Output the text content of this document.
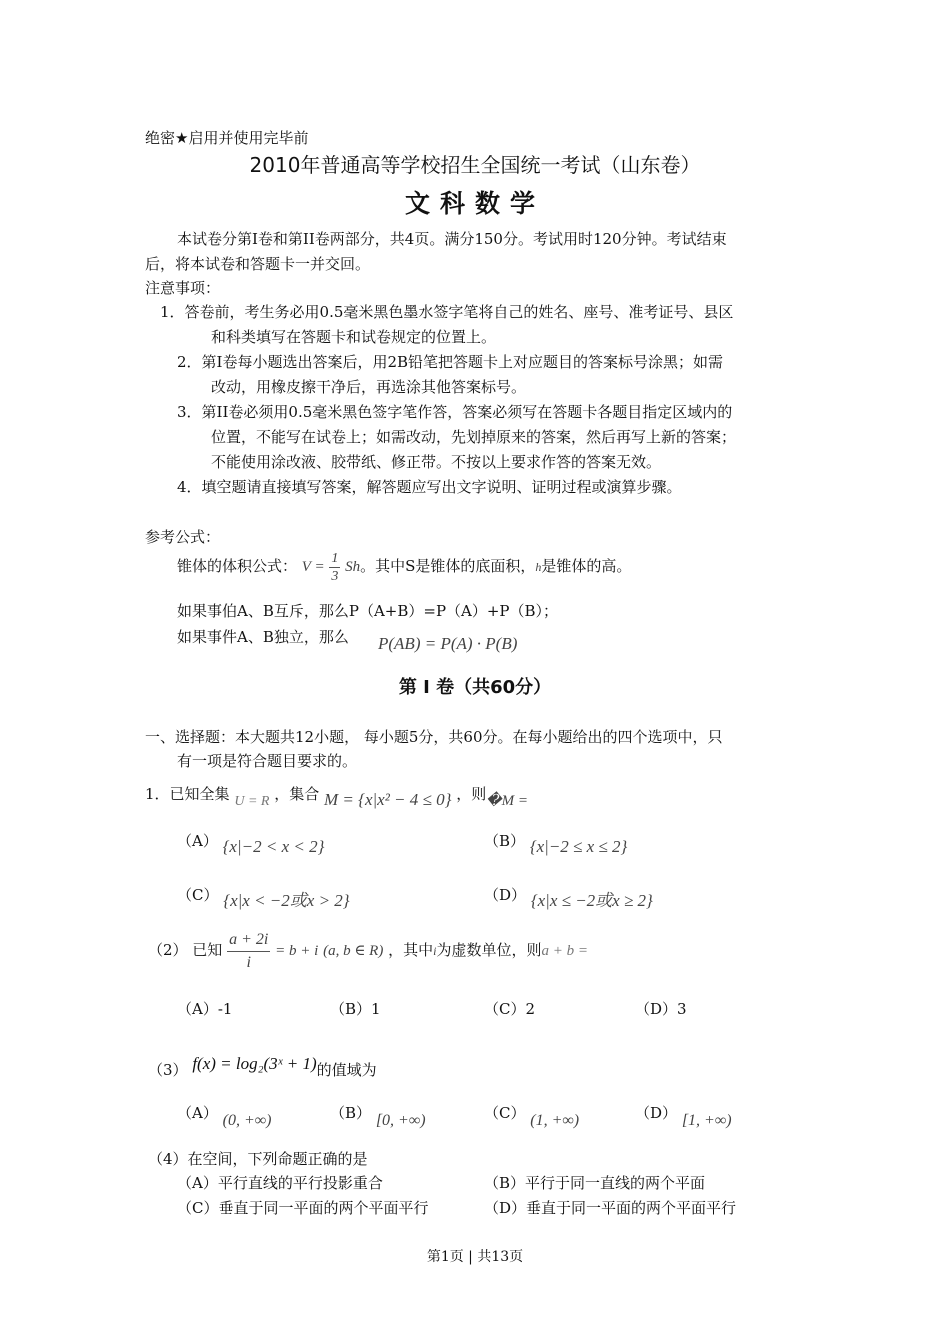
绝密★启用并使用完毕前
2010年普通高等学校招生全国统一考试（山东卷）
文科数学
本试卷分第I卷和第II卷两部分，共4页。满分150分。考试用时120分钟。考试结束
后，将本试卷和答题卡一并交回。
注意事项：
1．答卷前，考生务必用0.5毫米黑色墨水签字笔将自己的姓名、座号、准考证号、县区
和科类填写在答题卡和试卷规定的位置上。
2．第I卷每小题选出答案后，用2B铅笔把答题卡上对应题目的答案标号涂黑；如需
改动，用橡皮擦干净后，再选涂其他答案标号。
3．第II卷必须用0.5毫米黑色签字笔作答，答案必须写在答题卡各题目指定区域内的
位置，不能写在试卷上；如需改动，先划掉原来的答案，然后再写上新的答案；
不能使用涂改液、胶带纸、修正带。不按以上要求作答的答案无效。
4．填空题请直接填写答案，解答题应写出文字说明、证明过程或演算步骤。
参考公式：
锥体的体积公式： $V = \frac{1}{3}$ Sh。其中S是锥体的底面积，h是锥体的高。
如果事伯A、B互斥，那么P（A+B）=P（A）+P（B）；
如果事件A、B独立，那么 P(AB) = P(A) · P(B)
第 Ⅰ 卷（共60分）
一、选择题：本大题共12小题， 每小题5分，共60分。在每小题给出的四个选项中，只
有一项是符合题目要求的。
1．已知全集 U = R ，集合 M = {x|x² − 4 ≤ 0} ，则�M =
（A） {x|−2 < x < 2}	（B） {x|−2 ≤ x ≤ 2}
（C） {x|x < −2或x > 2}	（D） {x|x ≤ −2或x ≥ 2}
（2） 已知 $\frac{a + 2i}{i} = b + i$ (a, b ∈ R) ，其中i为虚数单位，则a + b =
（A）-1	（B）1	（C）2	（D）3
（3） f(x) = log₂(3ˣ + 1)的值域为
（A） (0, +∞)	（B） [0, +∞)	（C） (1, +∞)	（D） [1, +∞)
（4）在空间，下列命题正确的是
（A）平行直线的平行投影重合	（B）平行于同一直线的两个平面
（C）垂直于同一平面的两个平面平行	（D）垂直于同一平面的两个平面平行
第1页 | 共13页
